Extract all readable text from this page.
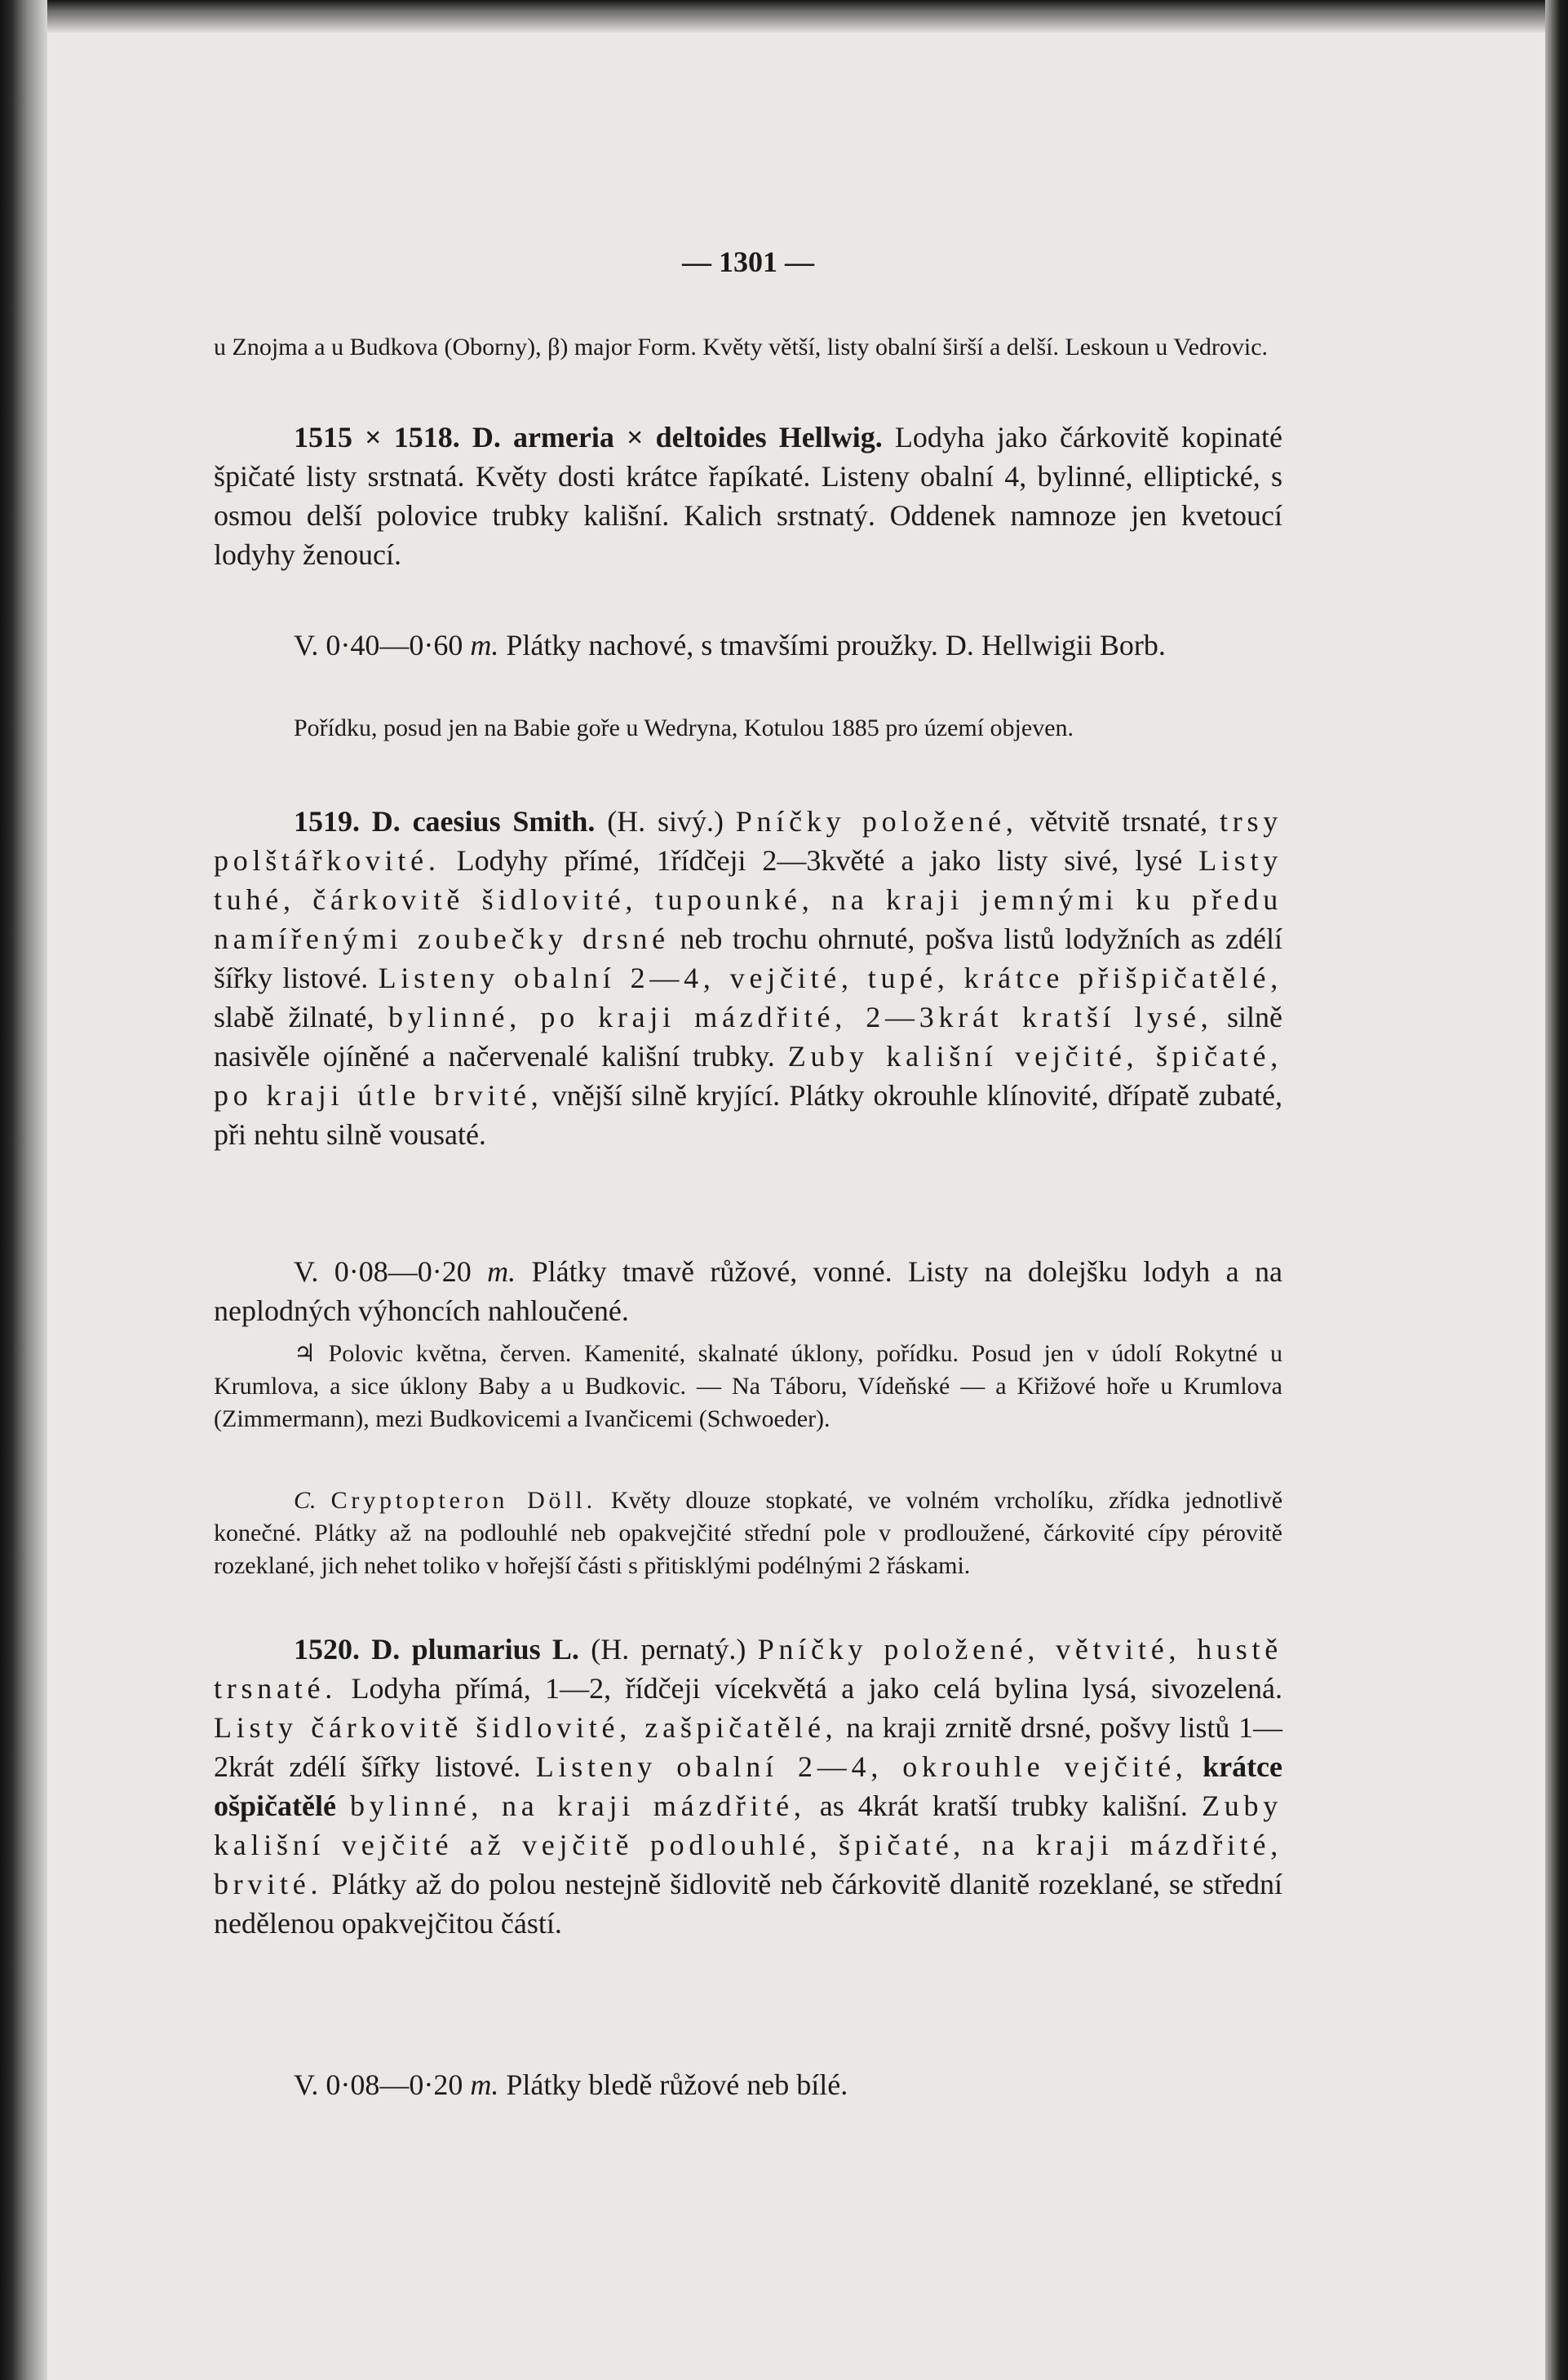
— 1301 —

u Znojma a u Budkova (Oborny), β) major Form. Květy větší, listy obalní širší a delší. Leskoun u Vedrovic.

1515 × 1518. D. armeria × deltoides Hellwig. Lodyha jako čárkovitě kopinaté špičaté listy srstnatá. Květy dosti krátce řapíkaté. Listeny obalní 4, bylinné, elliptické, s osmou delší polovice trubky kališní. Kalich srstnatý. Oddenek namnoze jen kvetoucí lodyhy ženoucí.

V. 0·40—0·60 m. Plátky nachové, s tmavšími proužky. D. Hellwigii Borb.

Pořídku, posud jen na Babie goře u Wedryna, Kotulou 1885 pro území objeven.

1519. D. caesius Smith. (H. sivý.) Pníčky položené, větvitě trsnaté, trsy polštářkovité. Lodyhy přímé, 1řídčeji 2—3květé a jako listy sivé, lysé Listy tuhé, čárkovitě šidlovité, tupounké, na kraji jemnými ku předu namířenými zoubečky drsné neb trochu ohrnuté, pošva listů lodyžních as zdélí šířky listové. Listeny obalní 2—4, vejčité, tupé, krátce přišpičatělé, slabě žilnaté, bylinné, po kraji mázdřité, 2—3krát kratší lysé, silně nasivěle ojíněné a načervenalé kališní trubky. Zuby kališní vejčité, špičaté, po kraji útle brvité, vnější silně kryjící. Plátky okrouhle klínovité, dřípatě zubaté, při nehtu silně vousaté.

V. 0·08—0·20 m. Plátky tmavě růžové, vonné. Listy na dolejšku lodyh a na neplodných výhoncích nahloučené.

♃ Polovic května, červen. Kamenité, skalnaté úklony, pořídku. Posud jen v údolí Rokytné u Krumlova, a sice úklony Baby a u Budkovic. — Na Táboru, Vídeňské — a Křižové hoře u Krumlova (Zimmermann), mezi Budkovicemi a Ivančicemi (Schwoeder).

C. Cryptopteron Döll. Květy dlouze stopkaté, ve volném vrcholíku, zřídka jednotlivě konečné. Plátky až na podlouhlé neb opakvejčité střední pole v prodloužené, čárkovité cípy pérovitě rozeklané, jich nehet toliko v hořejší části s přitisklými podélnými 2 řáskami.

1520. D. plumarius L. (H. pernatý.) Pníčky položené, větvité, hustě trsnaté. Lodyha přímá, 1—2, řídčeji vícekvětá a jako celá bylina lysá, sivozelená. Listy čárkovitě šidlovité, zašpičatělé, na kraji zrnitě drsné, pošvy listů 1—2krát zdélí šířky listové. Listeny obalní 2—4, okrouhle vejčité, krátce ošpičatělé bylinné, na kraji mázdřité, as 4krát kratší trubky kališní. Zuby kališní vejčité až vejčitě podlouhlé, špičaté, na kraji mázdřité, brvité. Plátky až do polou nestejně šidlovitě neb čárkovitě dlanitě rozeklané, se střední nedělenou opakvejčitou částí.

V. 0·08—0·20 m. Plátky bledě růžové neb bílé.
